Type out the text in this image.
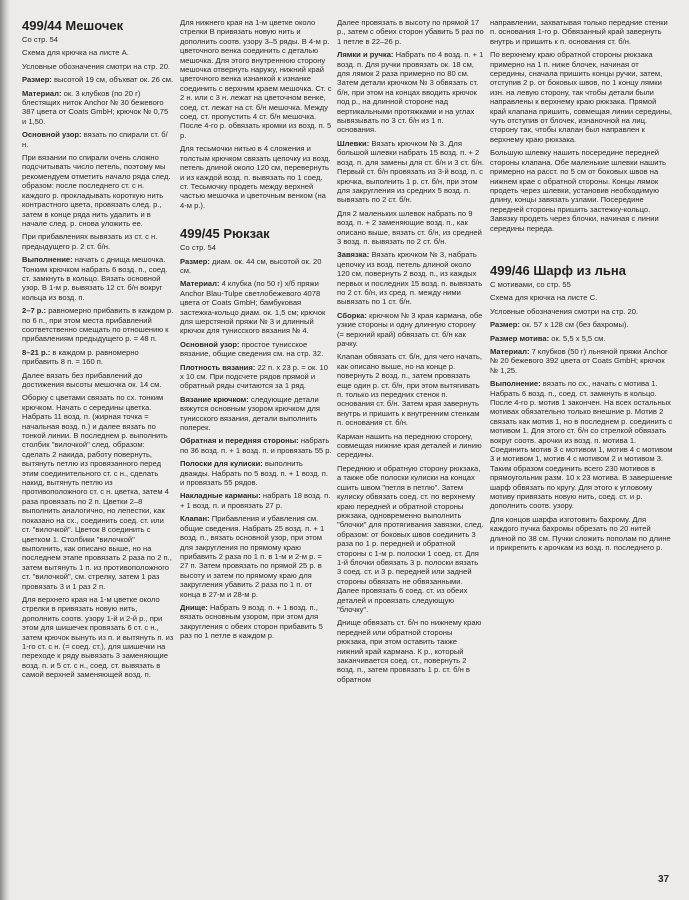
499/44 Мешочек
Со стр. 54

Схема для крючка на листе А.

Условные обозначения смотри на стр. 20.

Размер: высотой 19 см, объхват ок. 26 см.

Материал: ок. 3 клубков (по 20 г) блестящих ниток Anchor № 30 бежевого 387 цвета от Coats GmbH; крючок № 0,75 и 1,50.

Основной узор: вязать по спирали ст. б/н.

При вязании по спирали очень сложно подсчитывать число петель, поэтому мы рекомендуем отметить начало ряда след. образом: после последнего ст. с н. каждого р. прокладывать короткую нить контрастного цвета, провязать след. р., затем в конце ряда нить удалить и в начале след. р. снова уложить ее.

При прибавлениях вывязать из ст. с н. предыдущего р. 2 ст. б/н.

Выполнение: начать с днища мешочка. Тонким крючком набрать 6 возд. п., соед. ст. замкнуть в кольцо. Вязать основной узор. В 1-м р. вывязать 12 ст. б/н вокруг кольца из возд. п.

2–7 р.: равномерно прибавить в каждом р. по 6 п., при этом места прибавлений соответственно смещать по отношению к прибавлениям предыдущего р. = 48 п.

8–21 р.: в каждом р. равномерно прибавить 8 п. = 160 п.

Далее вязать без прибавлений до достижения высоты мешочка ок. 14 см.

Оборку с цветами связать по сх. тонким крючком. Начать с середины цветка. Набрать 11 возд. п. (жирная точка = начальная возд. п.) и далее вязать по тонкой линии. В последнем р. выполнить столбик "вилочкой" след. образом: сделать 2 накида, работу повернуть, вытянуть петлю из провязанного перед этим соединительного ст. с н., сделать накид, вытянуть петлю из противоположного ст. с н. цветка, затем 4 раза провязать по 2 п. Цветки 2–8 выполнить аналогично, но лепестки, как показано на сх., соединить соед. ст. или ст. "вилочкой". Цветок 8 соединить с цветком 1. Столбики "вилочкой" выполнить, как описано выше, но на последнем этапе провязать 2 раза по 2 п., затем вытянуть 1 п. из противоположного ст. "вилочкой", см. стрелку, затем 1 раз провязать 3 и 1 раз 2 п.

Для верхнего края на 1-м цветке около стрелки в привязать новую нить, дополнить соотв. узору 1-й и 2-й р., при этом для шишечек провязать 6 ст. с н., затем крючок вынуть из п. и вытянуть п. из 1-го ст. с н. (= соед. ст.), для шишечки на переходе к ряду вывязать 3 заменяющие возд. п. и 5 ст. с н., соед. ст. вывязать в самой верхней заменяющей возд. п.

Для нижнего края на 1-м цветке около стрелки В привязать новую нить и дополнить соотв. узору 3–5 ряды. В 4-м р. цветочного венка соединить с деталью мешочка. Для этого внутреннюю сторону мешочка отвернуть наружу, нижний край цветочного венка изнанкой к изнанке соединить с верхним краем мешочка. Ст. с 2 н. или с 3 н. лежат на цветочном венке, соед. ст. лежат на ст. б/н мешочка. Между соед. ст. пропустить 4 ст. б/н мешочка. После 4-го р. обвязать кромки из возд. п. 5 р.

Для тесьмочки нитью в 4 сложения и толстым крючком связать цепочку из возд. петель длиной около 120 см, перевернуть и из каждой возд. п. вывязать по 1 соед. ст. Тесьмочку продеть между верхней частью мешочка и цветочным венком (на 4-м р.).

499/45 Рюкзак
Со стр. 54

Размер: диам. ок. 44 см, высотой ок. 20 см.

Материал: 4 клубка (по 50 г) х/б пряжи Anchor Blau-Tulpe светлобежевого 4078 цвета от Coats GmbH; бамбуковая застежка-кольцо диам. ок. 1,5 см; крючок для шерстяной пряжи № 3 и длинный крючок для тунисского вязания № 4.

Основной узор: простое тунисское вязание, общие сведения см. на стр. 32.

Плотность вязания: 22 п. х 23 р. = ок. 10 х 10 см. При подсчете рядов прямой и обратный ряды считаются за 1 ряд.

Вязание крючком: следующие детали вяжутся основным узором крючком для тунисского вязания, детали выполнить поперек.

Обратная и передняя стороны: набрать по 36 возд. п. + 1 возд. п. и провязать 55 р.

Полоски для кулиски: выполнить дважды. Набрать по 5 возд. п. + 1 возд. п. и провязать 55 рядов.

Накладные карманы: набрать 18 возд. п. + 1 возд. п. и провязать 27 р.

Клапан: Прибавления и убавления см. общие сведения. Набрать 25 возд. п. + 1 возд. п., вязать основной узор, при этом для закругления по прямому краю прибавить 2 раза по 1 п. в 1-м и 2-м р. = 27 п. Затем провязать по прямой 25 р. в высоту и затем по прямому краю для закругления убавить 2 раза по 1 п. от конца в 27-м и 28-м р.

Днище: Набрать 9 возд. п. + 1 возд. п., вязать основным узором, при этом для закругления с обеих сторон прибавить 5 раз по 1 петле в каждом р.

Далее провязать в высоту по прямой 17 р., затем с обеих сторон убавить 5 раз по 1 петле в 22–26 р.

Лямки и ручка: Набрать по 4 возд. п. + 1 возд. п. Для ручки провязать ок. 18 см, для лямок 2 раза примерно по 80 см. Затем детали крючком № 3 обвязать ст. б/н, при этом на концах вводить крючок под р., на длинной стороне над вертикальными протяжками и на углах вывязывать по 3 ст. б/н из 1 п. основания.

Шлевки: Вязать крючком № 3. Для большой шлевки набрать 15 возд. п. + 2 возд. п. для замены для ст. б/н и 3 ст. б/н. Первый ст. б/н провязать из 3-й возд. п. с крючка, выполнить 1 р. ст. б/н, при этом для закругления из средних 5 возд. п. вывязать по 2 ст. б/н.

Для 2 маленьких шлевок набрать по 9 возд. п. + 2 заменяющие возд. п., как описано выше, вязать ст. б/н, из средней 3 возд. п. вывязать по 2 ст. б/н.

Завязка: Вязать крючком № 3, набрать цепочку из возд. петель длиной около 120 см, повернуть 2 возд. п., из каждых первых и последних 15 возд. п. вывязать по 2 ст. б/н, из сред. п. между ними вывязать по 1 ст. б/н.

Сборка: крючком № 3 края кармана, обе узкие стороны и одну длинную сторону (= верхний край) обвязать ст. б/н как рачку.

Клапан обвязать ст. б/н, для чего начать, как описано выше, но на конце р. повернуть 2 возд. п., затем провязать еще один р. ст. б/н, при этом вытягивать п. только из передних стенок п. основания ст. б/н. Затем края завернуть внутрь и пришить к внутренним стенкам п. основания ст. б/н.

Карман нашить на переднюю сторону, совмещая нижние края деталей и линию середины.

Переднюю и обратную сторону рюкзака, а также обе полоски кулиски на концах сшить швом "петля в петлю". Затем кулиску обвязать соед. ст. по верхнему краю передней и обратной стороны рюкзака, одновременно выполнить "блочки" для протягивания завязки, след. образом: от боковых швов соединить 3 раза по 1 р. передней и обратной стороны с 1-м р. полоски 1 соед. ст. Для 1-й блочки обвязать 3 р. полоски вязать 3 соед. ст. и 3 р. передней или задней стороны обвязать не обвязанными. Далее провязать 6 соед. ст. из обеих деталей и провязать следующую "блочку".

Днище обвязать ст. б/н по нижнему краю передней или обратной стороны рюкзака, при этом оставить также нижний край кармана. К р., который заканчивается соед. ст., повернуть 2 возд. п., затем провязать 1 р. ст. б/н в обратном

направлении, захватывая только передние стенки п. основания 1-го р. Обвязанный край завернуть внутрь и пришить к п. основания ст. б/н.

По верхнему краю обратной стороны рюкзака примерно на 1 п. ниже блочек, начиная от середины, сначала пришить концы ручки, затем, отступив 2 р. от боковых швов, по 1 концу лямки изн. на левую сторону, так чтобы детали были направлены к верхнему краю рюкзака. Прямой край клапана пришить, совмещая линии середины, чуть отступив от блочек, изнаночной на лиц. сторону так, чтобы клапан был направлен к верхнему краю рюкзака.

Большую шлевку нашить посередине передней стороны клапана. Обе маленькие шлевки нашить примерно на расст. по 5 см от боковых швов на нижнем крае с обратной стороны. Концы лямок продеть через шлевки, установив необходимую длину, концы завязать узлами. Посередине передней стороны пришить застежку-кольцо. Завязку продеть через блочки, начиная с линии середины переда.

499/46 Шарф из льна
С мотивами, со стр. 55

Схема для крючка на листе С.

Условные обозначения смотри на стр. 20.

Размер: ок. 57 х 128 см (без бахромы).

Размер мотива: ок. 5,5 х 5,5 см.

Материал: 7 клубков (50 г) льняной пряжи Anchor № 20 бежевого 392 цвета от Coats GmbH; крючок № 1,25.

Выполнение: вязать по сх., начать с мотива 1. Набрать 6 возд. п., соед. ст. замкнуть в кольцо. После 4-го р. мотив 1 закончен. На всех остальных мотивах обязательно только внешние р. Мотив 2 связать как мотив 1, но в последнем р. соединить с мотивом 1. Для этого ст. б/н со стрелкой обвязать вокруг соотв. арочки из возд. п. мотива 1. Соединить мотив 3 с мотивом 1, мотив 4 с мотивом 3 и мотивом 1, мотив 4 с мотивом 2 и мотивом 3. Таким образом соединить всего 230 мотивов в прямоугольник разм. 10 х 23 мотива. В завершение шарф обвязать по кругу. Для этого к угловому мотиву привязать новую нить, соед. ст. и р. дополнить соотв. узору.

Для концов шарфа изготовить бахрому. Для каждого пучка бахромы обрезать по 20 нитей длиной по 38 см. Пучки сложить пополам по длине и прикрепить к арочкам из возд. п. последнего р.

37
